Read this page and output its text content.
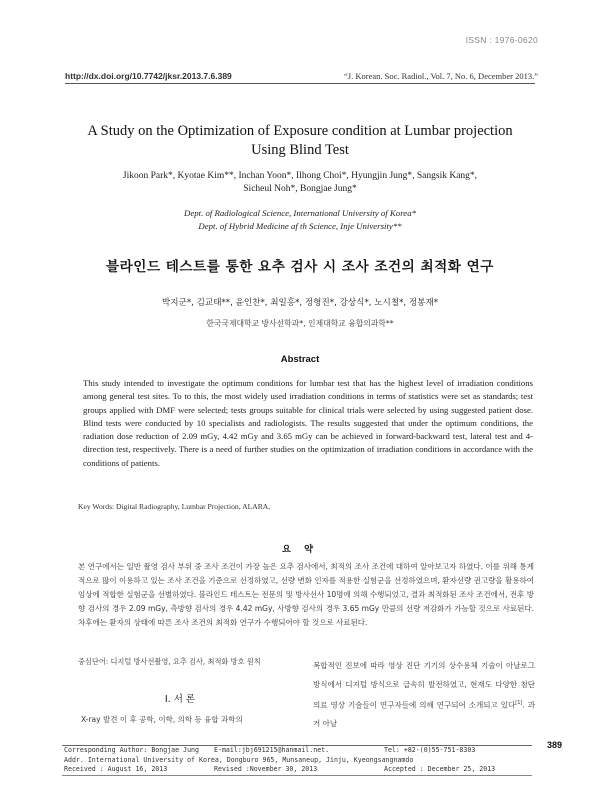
ISSN : 1976-0620
http://dx.doi.org/10.7742/jksr.2013.7.6.389	“J. Korean. Soc. Radiol., Vol. 7, No. 6, December 2013.”
A Study on the Optimization of Exposure condition at Lumbar projection
Using Blind Test
Jikoon Park*, Kyotae Kim**, Inchan Yoon*, Ilhong Choi*, Hyungjin Jung*, Sangsik Kang*,
Sicheul Noh*, Bongjae Jung*
Dept. of Radiological Science, International University of Korea*
Dept. of Hybrid Medicine af th Science, Inje University**
블라인드 테스트를 통한 요추 검사 시 조사 조건의 최적화 연구
박지군*, 김교태**, 윤인찬*, 최일홍*, 정형진*, 강상식*, 노시철*, 정봉재*
한국국제대학교 방사선학과*, 인제대학교 융합의과학**
Abstract
This study intended to investigate the optimum conditions for lumbar test that has the highest level of irradiation conditions among general test sites. To to this, the most widely used irradiation conditions in terms of statistics were set as standards; test groups applied with DMF were selected; tests groups suitable for clinical trials were selected by using suggested patient dose. Blind tests were conducted by 10 specialists and radiologists. The results suggested that under the optimum conditions, the radiation dose reduction of 2.09 mGy, 4.42 mGy and 3.65 mGy can be achieved in forward-backward test, lateral test and 4-direction test, respectively. There is a need of further studies on the optimization of irradiation conditions in accordance with the conditions of patients.
Key Words: Digital Radiography, Lumbar Projection, ALARA,
요 약
본 연구에서는 일반 촬영 검사 부위 중 조사 조건이 가장 높은 요추 검사에서, 최적의 조사 조건에 대하여 알아보고자 하였다. 이를 위해 통계적으로 많이 이용하고 있는 조사 조건을 기준으로 선정하였고, 선량 변화 인자를 적용한 실험군을 선정하였으며, 환자선량 권고량을 활용하여 임상에 적합한 실험군을 선별하였다. 블라인드 테스트는 전문의 및 방사선사 10명에 의해 수행되었고, 결과 최적화된 조사 조건에서, 전후 방향 검사의 경우 2.09 mGy, 측방향 검사의 경우 4.42 mGy, 사방향 검사의 경우 3.65 mGy 만큼의 선량 저감화가 가능할 것으로 사료된다. 차후에는 환자의 상태에 따른 조사 조건의 최적화 연구가 수행되어야 할 것으로 사료된다.
중심단어: 디지털 방사선촬영, 요추 검사, 최적화 방호 원칙
Ⅰ. 서 론
X-ray 발견 이 후 공학, 이학, 의학 등 융합 과학의
복합적인 진보에 따라 영상 진단 기기의 상수용체 기술이 아날로그 방식에서 디지털 방식으로 급속히 발전하였고, 현재도 다양한 첨단 의료 영상 기술들이 연구자들에 의해 연구되어 소개되고 있다[1]. 과거 아날
389
Corresponding Author: Bongjae Jung E-mail:jbj691215@hanmail.net.	Tel: +82-(0)55-751-8303
Addr. International University of Korea, Dongburo 965, Munsaneup, Jinju, Kyeongsangnamdo
Received : August 16, 2013	Revised :November 30, 2013	Accepted : December 25, 2013
